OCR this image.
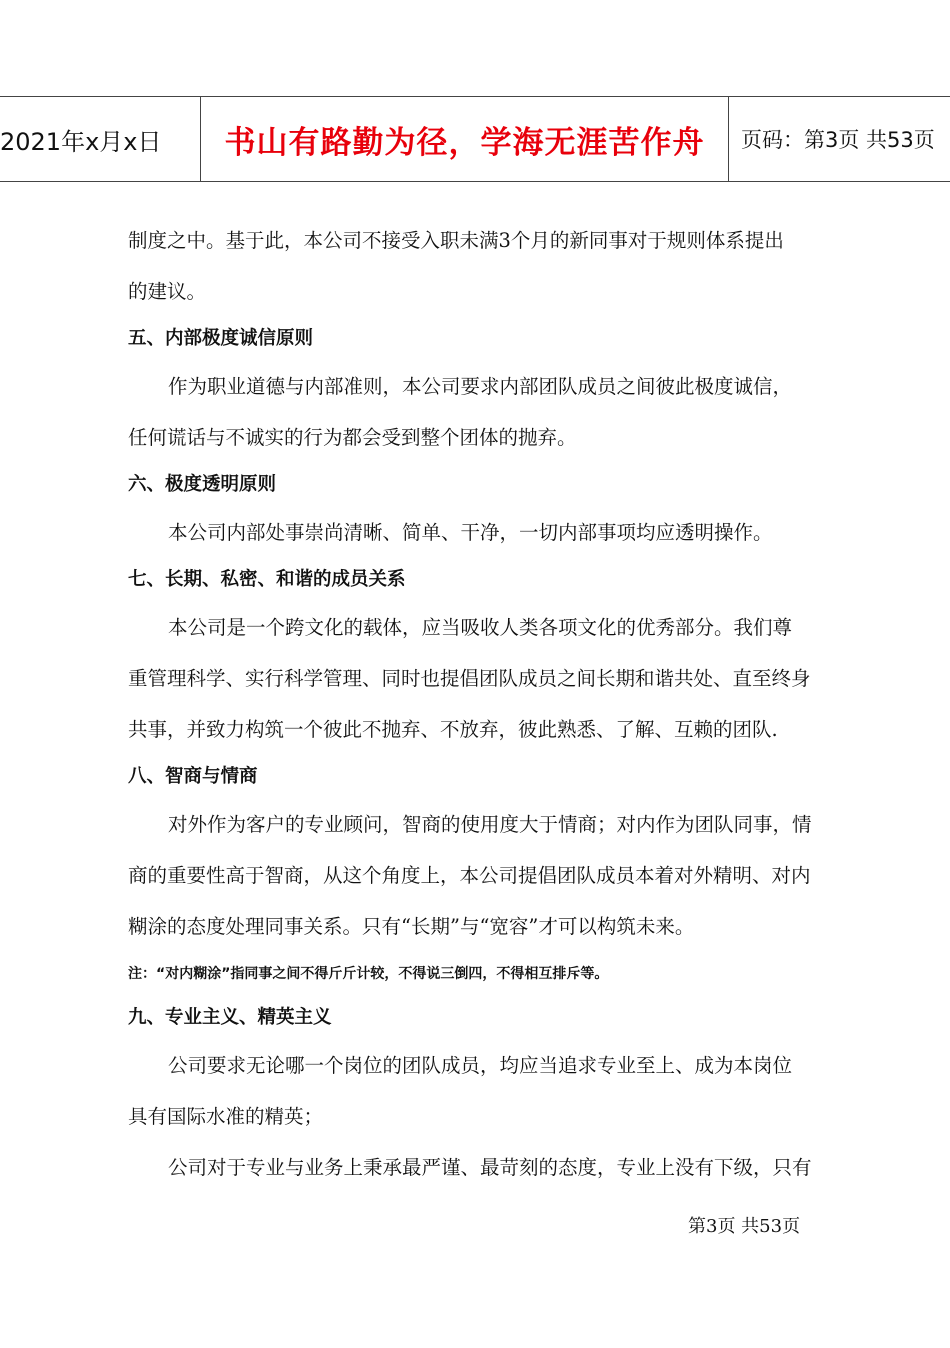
2021年x月x日	书山有路勤为径，学海无涯苦作舟	页码：第3页 共53页
制度之中。基于此，本公司不接受入职未满3个月的新同事对于规则体系提出
的建议。
五、内部极度诚信原则
作为职业道德与内部准则，本公司要求内部团队成员之间彼此极度诚信，
任何谎话与不诚实的行为都会受到整个团体的抛弃。
六、极度透明原则
本公司内部处事崇尚清晰、简单、干净，一切内部事项均应透明操作。
七、长期、私密、和谐的成员关系
本公司是一个跨文化的载体，应当吸收人类各项文化的优秀部分。我们尊
重管理科学、实行科学管理、同时也提倡团队成员之间长期和谐共处、直至终身
共事，并致力构筑一个彼此不抛弃、不放弃，彼此熟悉、了解、互赖的团队.
八、智商与情商
对外作为客户的专业顾问，智商的使用度大于情商；对内作为团队同事，情
商的重要性高于智商，从这个角度上，本公司提倡团队成员本着对外精明、对内
糊涂的态度处理同事关系。只有“长期”与“宽容”才可以构筑未来。
注：“对内糊涂”指同事之间不得斤斤计较，不得说三倒四，不得相互排斥等。
九、专业主义、精英主义
公司要求无论哪一个岗位的团队成员，均应当追求专业至上、成为本岗位
具有国际水准的精英；
公司对于专业与业务上秉承最严谨、最苛刻的态度，专业上没有下级，只有
第3页 共53页
